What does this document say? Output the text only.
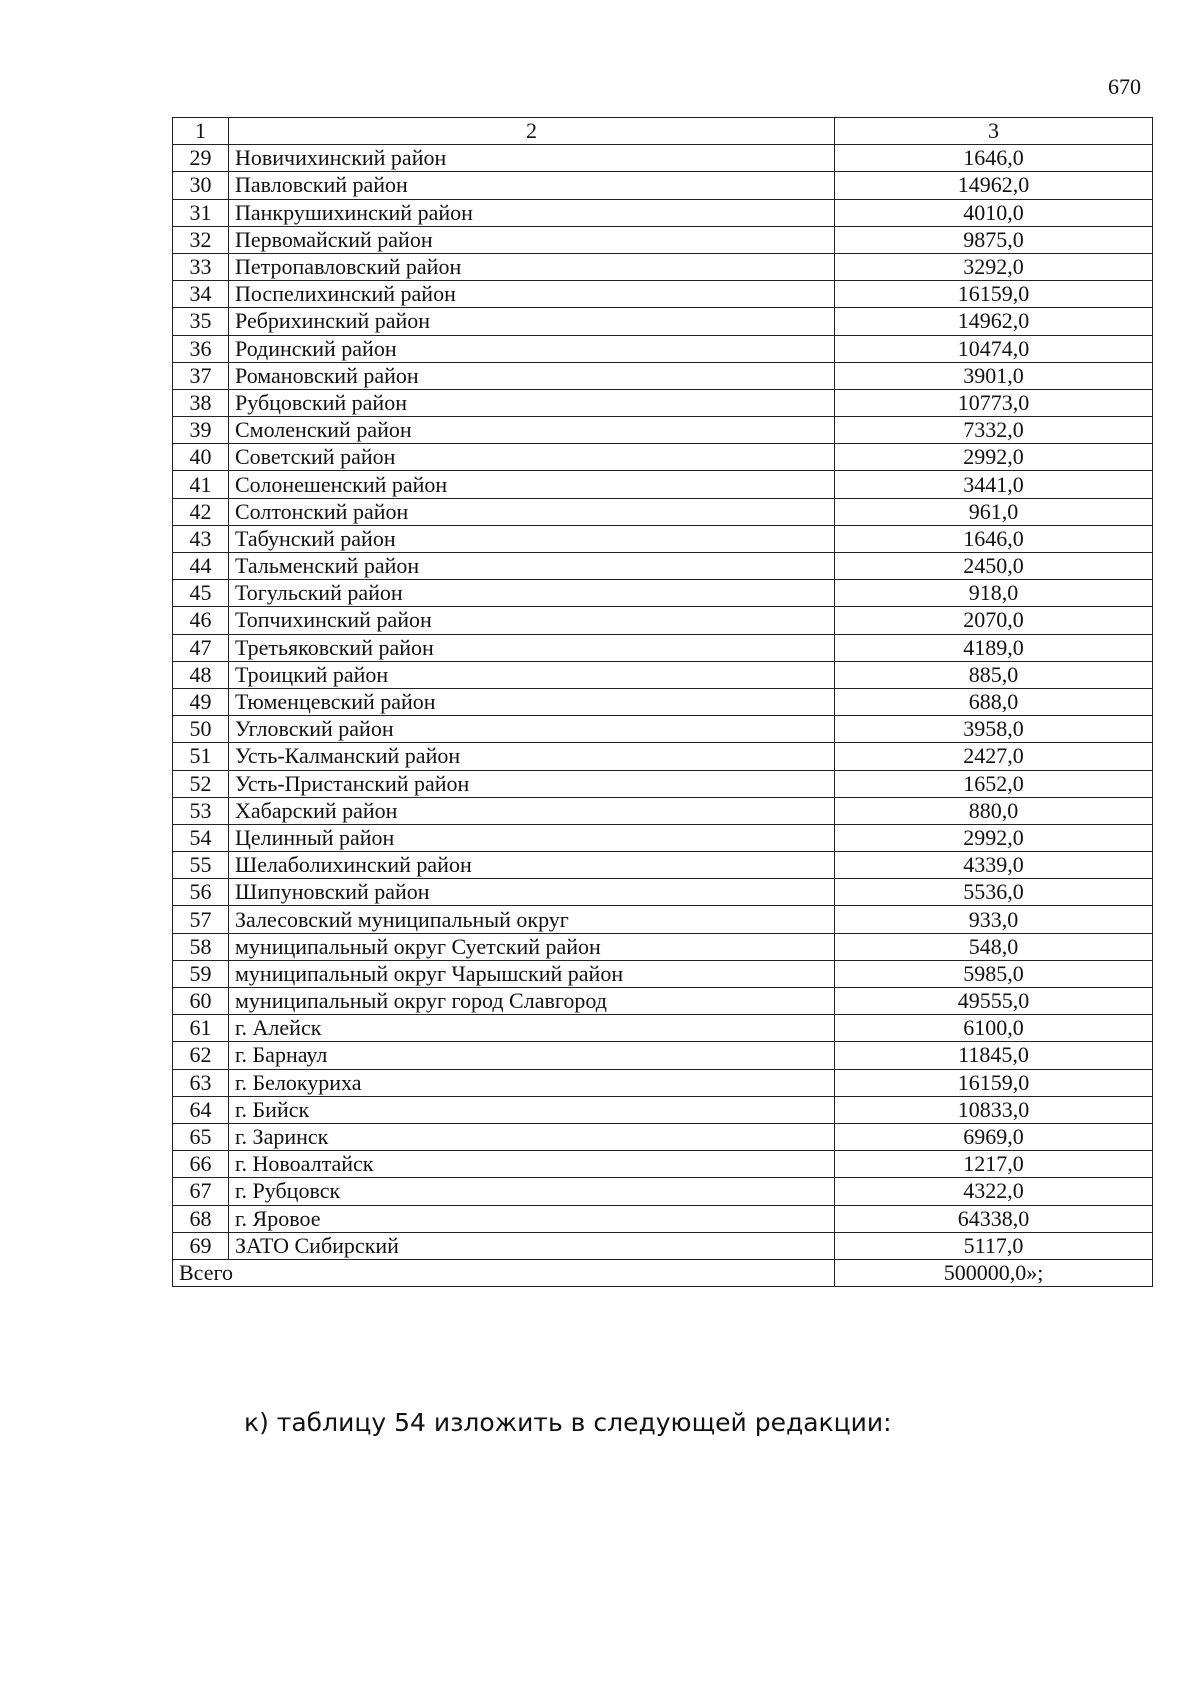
670
1	2	3
29	Новичихинский район	1646,0
30	Павловский район	14962,0
31	Панкрушихинский район	4010,0
32	Первомайский район	9875,0
33	Петропавловский район	3292,0
34	Поспелихинский район	16159,0
35	Ребрихинский район	14962,0
36	Родинский район	10474,0
37	Романовский район	3901,0
38	Рубцовский район	10773,0
39	Смоленский район	7332,0
40	Советский район	2992,0
41	Солонешенский район	3441,0
42	Солтонский район	961,0
43	Табунский район	1646,0
44	Тальменский район	2450,0
45	Тогульский район	918,0
46	Топчихинский район	2070,0
47	Третьяковский район	4189,0
48	Троицкий район	885,0
49	Тюменцевский район	688,0
50	Угловский район	3958,0
51	Усть-Калманский район	2427,0
52	Усть-Пристанский район	1652,0
53	Хабарский район	880,0
54	Целинный район	2992,0
55	Шелаболихинский район	4339,0
56	Шипуновский район	5536,0
57	Залесовский муниципальный округ	933,0
58	муниципальный округ Суетский район	548,0
59	муниципальный округ Чарышский район	5985,0
60	муниципальный округ город Славгород	49555,0
61	г. Алейск	6100,0
62	г. Барнаул	11845,0
63	г. Белокуриха	16159,0
64	г. Бийск	10833,0
65	г. Заринск	6969,0
66	г. Новоалтайск	1217,0
67	г. Рубцовск	4322,0
68	г. Яровое	64338,0
69	ЗАТО Сибирский	5117,0
Всего		500000,0»;
к) таблицу 54 изложить в следующей редакции:
